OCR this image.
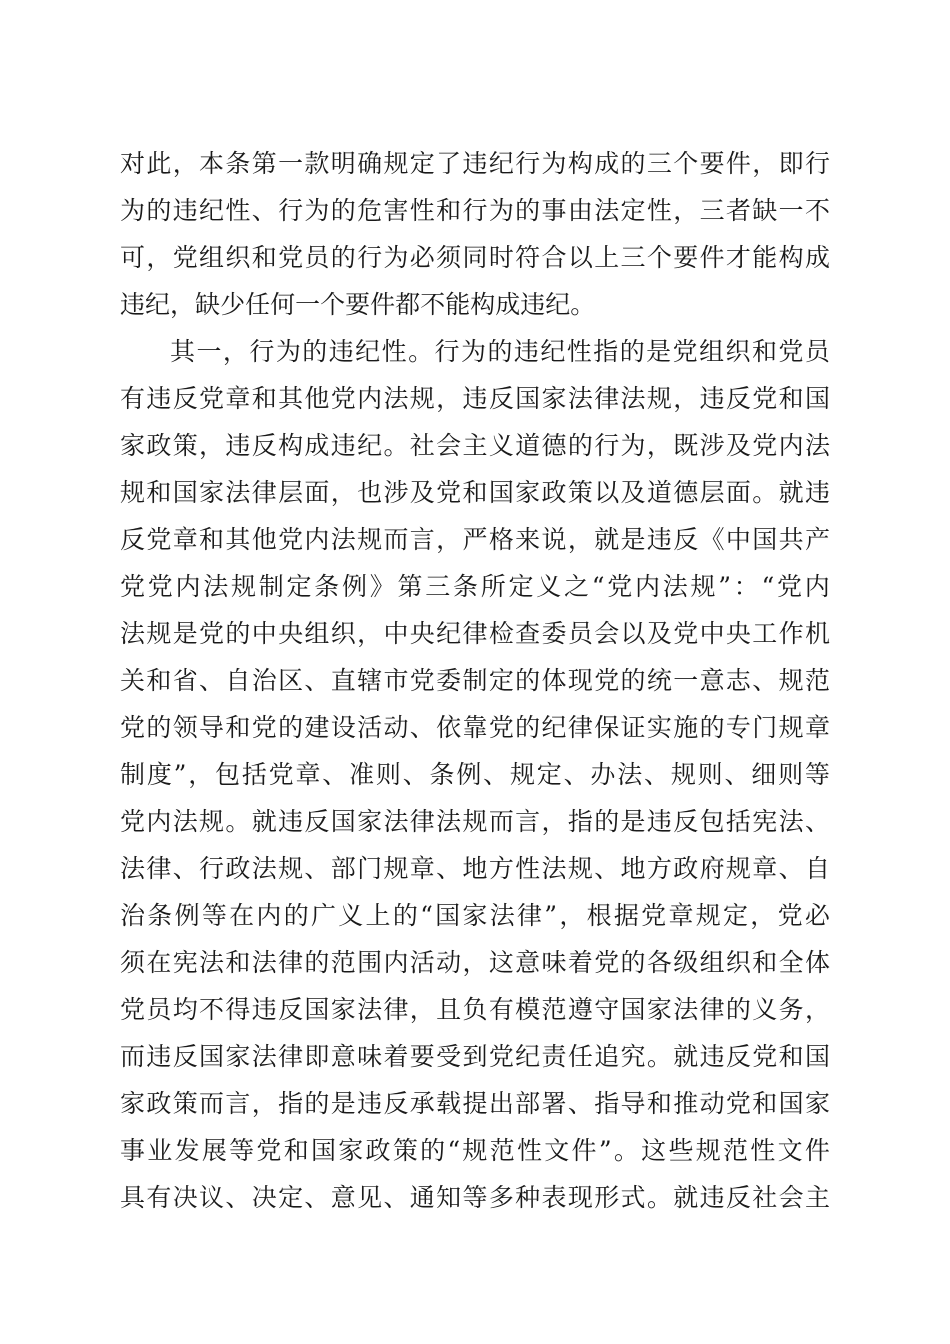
对 此 ， 本 条 第 一 款 明 确 规 定 了 违 纪 行 为 构 成 的 三 个 要 件 ， 即 行
为 的 违 纪 性 、 行 为 的 危 害 性 和 行 为 的 事 由 法 定 性 ， 三 者 缺 一 不
可 ， 党 组 织 和 党 员 的 行 为 必 须 同 时 符 合 以 上 三 个 要 件 才 能 构 成
违 纪 ， 缺 少 任 何 一 个 要 件 都 不 能 构 成 违 纪 。
其 一 ， 行 为 的 违 纪 性 。 行 为 的 违 纪 性 指 的 是 党 组 织 和 党 员
有 违 反 党 章 和 其 他 党 内 法 规 ， 违 反 国 家 法 律 法 规 ， 违 反 党 和 国
家 政 策 ， 违 反 构 成 违 纪 。 社 会 主 义 道 德 的 行 为 ， 既 涉 及 党 内 法
规 和 国 家 法 律 层 面 ， 也 涉 及 党 和 国 家 政 策 以 及 道 德 层 面 。 就 违
反 党 章 和 其 他 党 内 法 规 而 言 ， 严 格 来 说 ， 就 是 违 反 《 中 国 共 产
党 党 内 法 规 制 定 条 例 》 第 三 条 所 定 义 之 “ 党 内 法 规 ” ： “ 党 内
法 规 是 党 的 中 央 组 织 ， 中 央 纪 律 检 查 委 员 会 以 及 党 中 央 工 作 机
关 和 省 、 自 治 区 、 直 辖 市 党 委 制 定 的 体 现 党 的 统 一 意 志 、 规 范
党 的 领 导 和 党 的 建 设 活 动 、 依 靠 党 的 纪 律 保 证 实 施 的 专 门 规 章
制 度 ” ， 包 括 党 章 、 准 则 、 条 例 、 规 定 、 办 法 、 规 则 、 细 则 等
党 内 法 规 。 就 违 反 国 家 法 律 法 规 而 言 ， 指 的 是 违 反 包 括 宪 法 、
法 律 、 行 政 法 规 、 部 门 规 章 、 地 方 性 法 规 、 地 方 政 府 规 章 、 自
治 条 例 等 在 内 的 广 义 上 的 “ 国 家 法 律 ” ， 根 据 党 章 规 定 ， 党 必
须 在 宪 法 和 法 律 的 范 围 内 活 动 ， 这 意 味 着 党 的 各 级 组 织 和 全 体
党 员 均 不 得 违 反 国 家 法 律 ， 且 负 有 模 范 遵 守 国 家 法 律 的 义 务 ，
而 违 反 国 家 法 律 即 意 味 着 要 受 到 党 纪 责 任 追 究 。 就 违 反 党 和 国
家 政 策 而 言 ， 指 的 是 违 反 承 载 提 出 部 署 、 指 导 和 推 动 党 和 国 家
事 业 发 展 等 党 和 国 家 政 策 的 “ 规 范 性 文 件 ” 。 这 些 规 范 性 文 件
具 有 决 议 、 决 定 、 意 见 、 通 知 等 多 种 表 现 形 式 。 就 违 反 社 会 主
